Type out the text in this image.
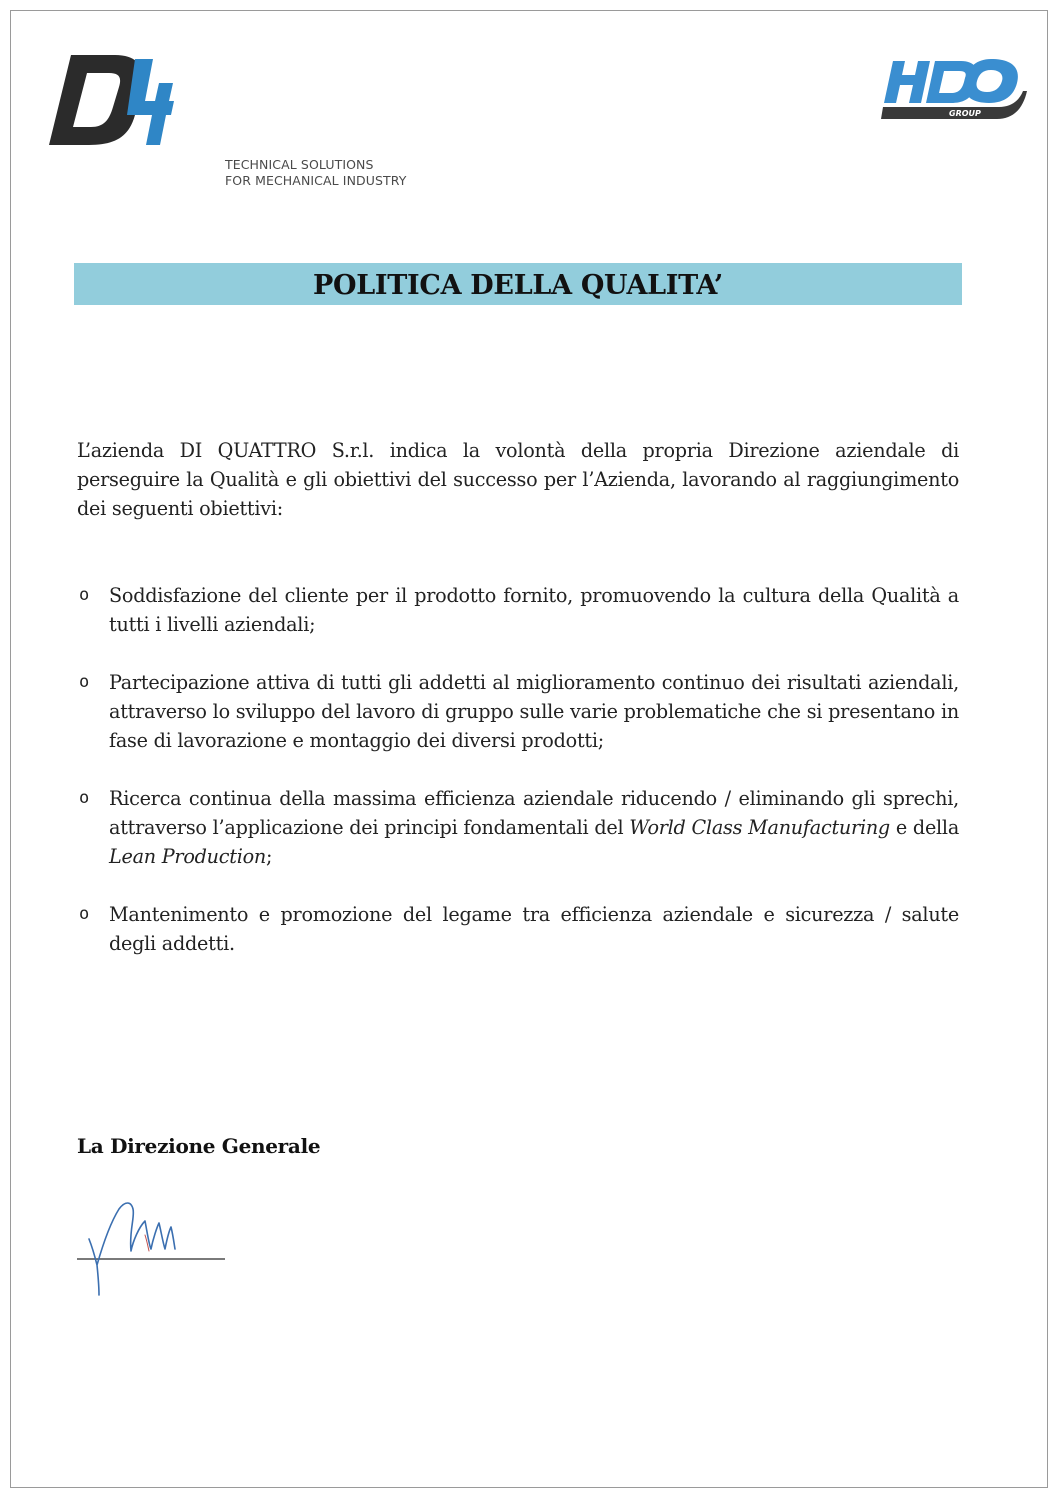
TECHNICAL SOLUTIONS
FOR MECHANICAL INDUSTRY
GROUP
POLITICA DELLA QUALITA’

L’azienda DI QUATTRO S.r.l. indica la volontà della propria Direzione aziendale di perseguire la Qualità e gli obiettivi del successo per l’Azienda, lavorando al raggiungimento dei seguenti obiettivi:

o Soddisfazione del cliente per il prodotto fornito, promuovendo la cultura della Qualità a tutti i livelli aziendali;
o Partecipazione attiva di tutti gli addetti al miglioramento continuo dei risultati aziendali, attraverso lo sviluppo del lavoro di gruppo sulle varie problematiche che si presentano in fase di lavorazione e montaggio dei diversi prodotti;
o Ricerca continua della massima efficienza aziendale riducendo / eliminando gli sprechi, attraverso l’applicazione dei principi fondamentali del World Class Manufacturing e della Lean Production;
o Mantenimento e promozione del legame tra efficienza aziendale e sicurezza / salute degli addetti.
La Direzione Generale
